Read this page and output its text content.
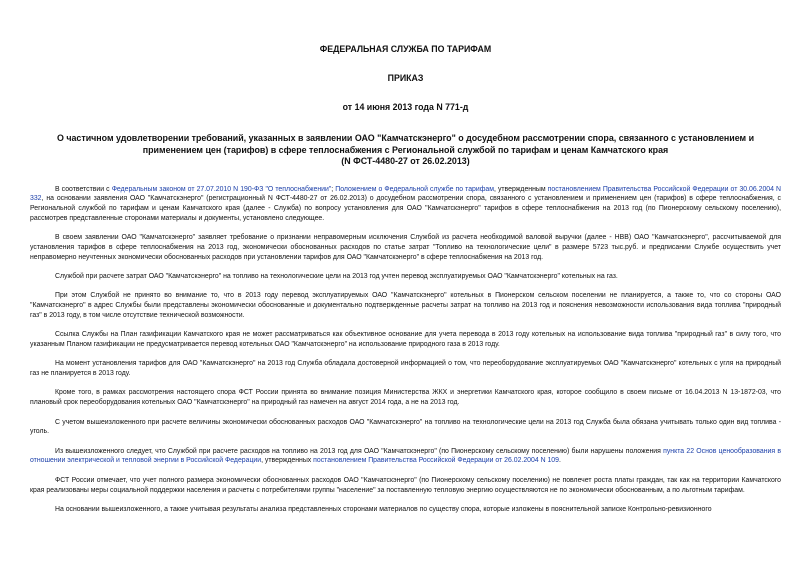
ФЕДЕРАЛЬНАЯ СЛУЖБА ПО ТАРИФАМ
ПРИКАЗ
от 14 июня 2013 года N 771-д
О частичном удовлетворении требований, указанных в заявлении ОАО "Камчатскэнерго" о досудебном рассмотрении спора, связанного с установлением и
применением цен (тарифов) в сфере теплоснабжения с Региональной службой по тарифам и ценам Камчатского края
(N ФСТ-4480-27 от 26.02.2013)

В соответствии с Федеральным законом от 27.07.2010 N 190-ФЗ "О теплоснабжении"; Положением о Федеральной службе по тарифам, утвержденным постановлением Правительства Российской Федерации от 30.06.2004 N 332, на основании заявления ОАО "Камчатскэнерго" (регистрационный N ФСТ-4480-27 от 26.02.2013) о досудебном рассмотрении спора, связанного с установлением и применением цен (тарифов) в сфере теплоснабжения, с Региональной службой по тарифам и ценам Камчатского края (далее - Служба) по вопросу установления для ОАО "Камчатскэнерго" тарифов в сфере теплоснабжения на 2013 год (по Пионерскому сельскому поселению), рассмотрев представленные сторонами материалы и документы, установлено следующее.

В своем заявлении ОАО "Камчатскэнерго" заявляет требование о признании неправомерным исключения Службой из расчета необходимой валовой выручки (далее - НВВ) ОАО "Камчатскэнерго", рассчитываемой для установления тарифов в сфере теплоснабжения на 2013 год, экономически обоснованных расходов по статье затрат "Топливо на технологические цели" в размере 5723 тыс.руб. и предписании Службе осуществить учет неправомерно неучтенных экономически обоснованных расходов при установлении тарифов для ОАО "Камчатскэнерго" в сфере теплоснабжения на 2013 год.

Службой при расчете затрат ОАО "Камчатскэнерго" на топливо на технологические цели на 2013 год учтен перевод эксплуатируемых ОАО "Камчатскэнерго" котельных на газ.

При этом Службой не принято во внимание то, что в 2013 году перевод эксплуатируемых ОАО "Камчатскэнерго" котельных в Пионерском сельском поселении не планируется, а также то, что со стороны ОАО "Камчатскэнерго" в адрес Службы были представлены экономически обоснованные и документально подтвержденные расчеты затрат на топливо на 2013 год и пояснения невозможности использования вида топлива "природный газ" в 2013 году, в том числе отсутствие технической возможности.

Ссылка Службы на План газификации Камчатского края не может рассматриваться как объективное основание для учета перевода в 2013 году котельных на использование вида топлива "природный газ" в силу того, что указанным Планом газификации не предусматривается перевод котельных ОАО "Камчатскэнерго" на использование природного газа в 2013 году.

На момент установления тарифов для ОАО "Камчатскэнерго" на 2013 год Служба обладала достоверной информацией о том, что переоборудование эксплуатируемых ОАО "Камчатскэнерго" котельных с угля на природный газ не планируется в 2013 году.

Кроме того, в рамках рассмотрения настоящего спора ФСТ России принята во внимание позиция Министерства ЖКХ и энергетики Камчатского края, которое сообщило в своем письме от 16.04.2013 N 13-1872-03, что плановый срок переоборудования котельных ОАО "Камчатскэнерго" на природный газ намечен на август 2014 года, а не на 2013 год.

С учетом вышеизложенного при расчете величины экономически обоснованных расходов ОАО "Камчатскэнерго" на топливо на технологические цели на 2013 год Служба была обязана учитывать только один вид топлива - уголь.

Из вышеизложенного следует, что Службой при расчете расходов на топливо на 2013 год для ОАО "Камчатскэнерго" (по Пионерскому сельскому поселению) были нарушены положения пункта 22 Основ ценообразования в отношении электрической и тепловой энергии в Российской Федерации, утвержденных постановлением Правительства Российской Федерации от 26.02.2004 N 109.

ФСТ России отмечает, что учет полного размера экономически обоснованных расходов ОАО "Камчатскэнерго" (по Пионерскому сельскому поселению) не повлечет роста платы граждан, так как на территории Камчатского края реализованы меры социальной поддержки населения и расчеты с потребителями группы "население" за поставленную тепловую энергию осуществляются не по экономически обоснованным, а по льготным тарифам.

На основании вышеизложенного, а также учитывая результаты анализа представленных сторонами материалов по существу спора, которые изложены в пояснительной записке Контрольно-ревизионного
